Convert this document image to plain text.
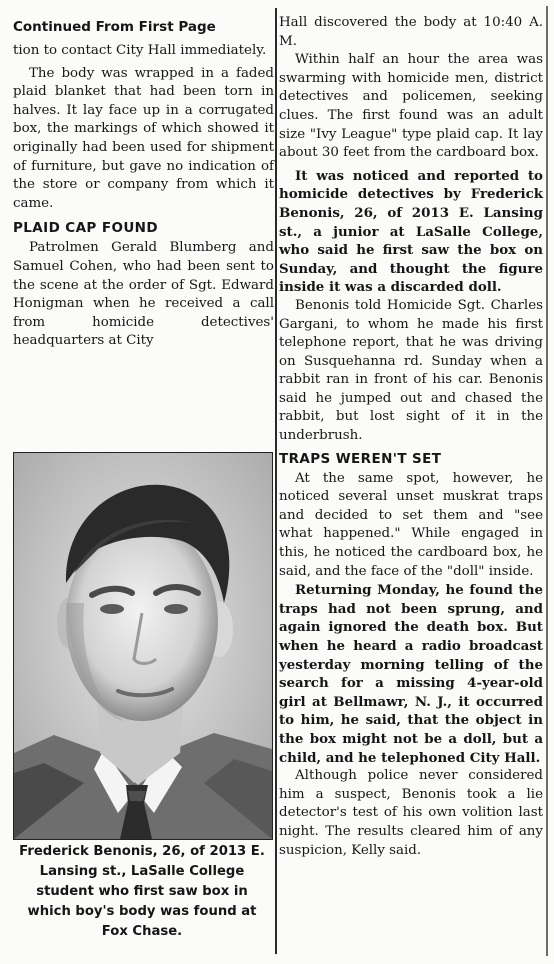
Continued From First Page

tion to contact City Hall immediately.

The body was wrapped in a faded plaid blanket that had been torn in halves. It lay face up in a corrugated box, the markings of which showed it originally had been used for shipment of furniture, but gave no indication of the store or company from which it came.

PLAID CAP FOUND

Patrolmen Gerald Blumberg and Samuel Cohen, who had been sent to the scene at the order of Sgt. Edward Honigman when he received a call from homicide detectives' headquarters at City

Frederick Benonis, 26, of 2013 E. Lansing st., LaSalle College student who first saw box in which boy's body was found at Fox Chase.

Hall discovered the body at 10:40 A. M.

Within half an hour the area was swarming with homicide men, district detectives and policemen, seeking clues. The first found was an adult size "Ivy League" type plaid cap. It lay about 30 feet from the cardboard box.

It was noticed and reported to homicide detectives by Frederick Benonis, 26, of 2013 E. Lansing st., a junior at LaSalle College, who said he first saw the box on Sunday, and thought the figure inside it was a discarded doll.

Benonis told Homicide Sgt. Charles Gargani, to whom he made his first telephone report, that he was driving on Susquehanna rd. Sunday when a rabbit ran in front of his car. Benonis said he jumped out and chased the rabbit, but lost sight of it in the underbrush.

TRAPS WEREN'T SET

At the same spot, however, he noticed several unset muskrat traps and decided to set them and "see what happened." While engaged in this, he noticed the cardboard box, he said, and the face of the "doll" inside.

Returning Monday, he found the traps had not been sprung, and again ignored the death box. But when he heard a radio broadcast yesterday morning telling of the search for a missing 4-year-old girl at Bellmawr, N. J., it occurred to him, he said, that the object in the box might not be a doll, but a child, and he telephoned City Hall.

Although police never considered him a suspect, Benonis took a lie detector's test of his own volition last night. The results cleared him of any suspicion, Kelly said.
